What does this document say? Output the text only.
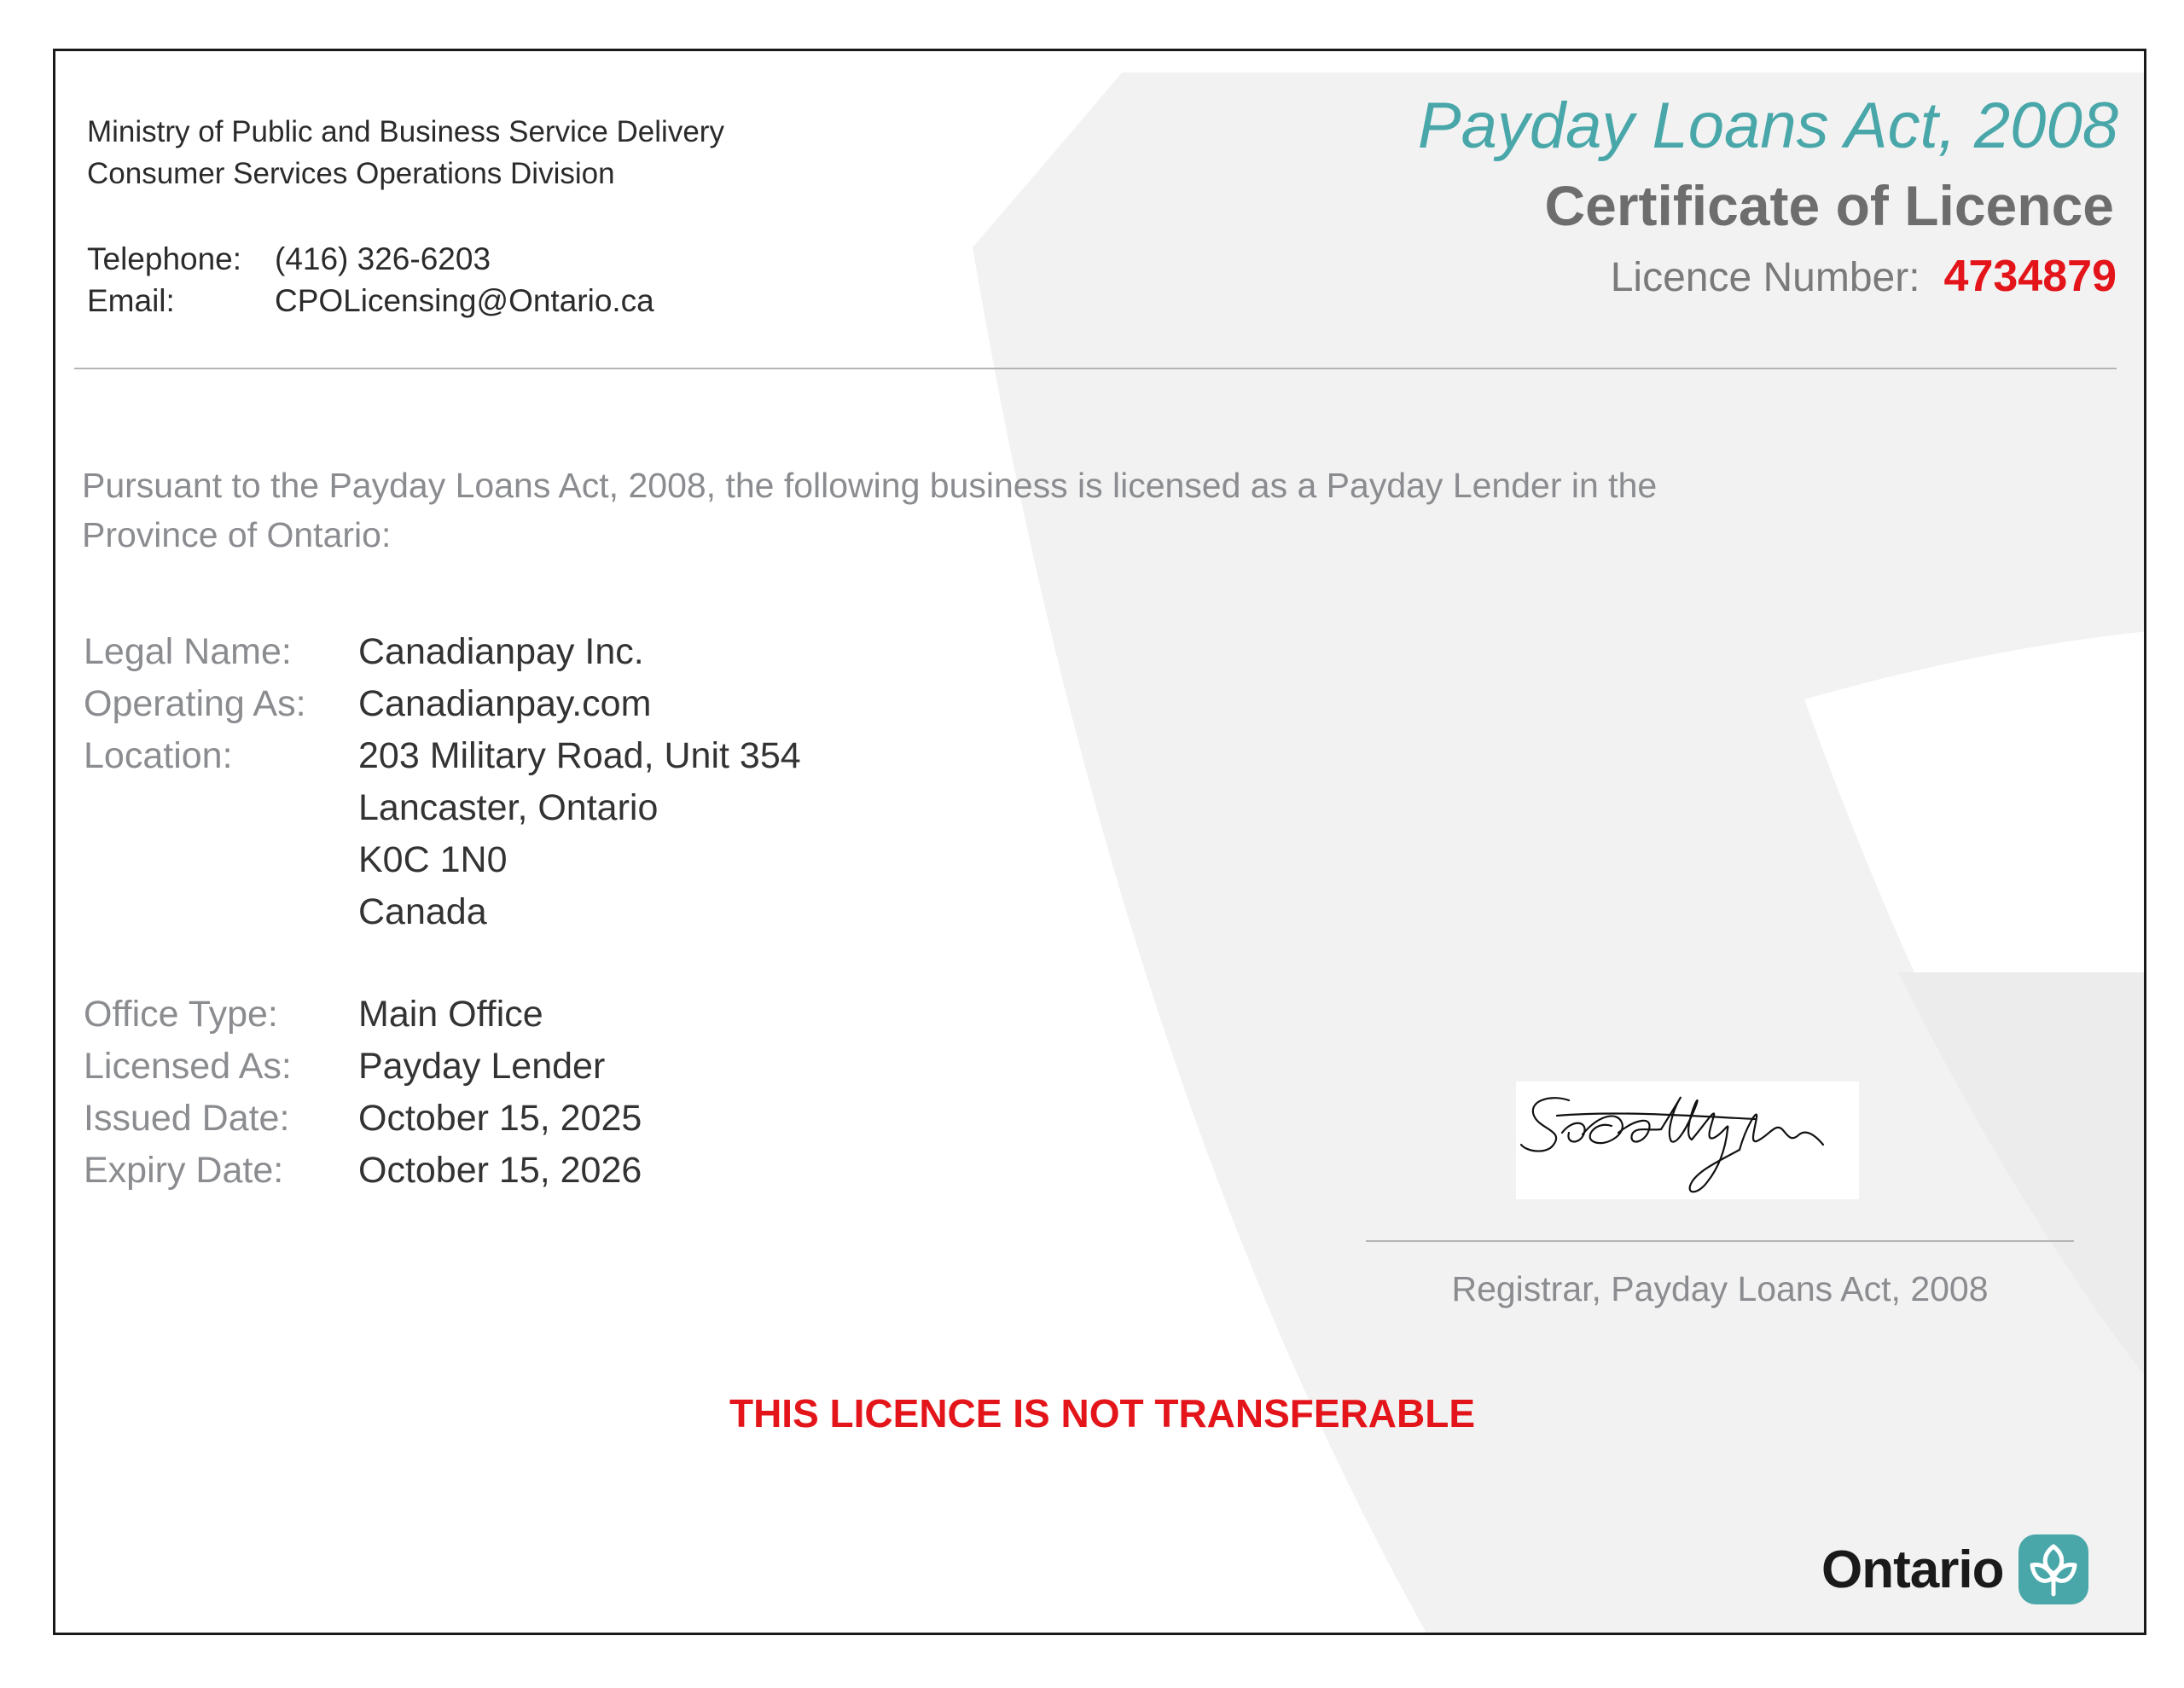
Ministry of Public and Business Service Delivery
Consumer Services Operations Division
Telephone: (416) 326-6203
Email:	CPOLicensing@Ontario.ca
Payday Loans Act, 2008
Certificate of Licence
Licence Number: 4734879
Pursuant to the Payday Loans Act, 2008, the following business is licensed as a Payday Lender in the Province of Ontario:
Legal Name: Canadianpay Inc.
Operating As: Canadianpay.com
Location:	203 Military Road, Unit 354
Lancaster, Ontario
K0C 1N0
Canada
Office Type: Main Office
Licensed As: Payday Lender
Issued Date: October 15, 2025
Expiry Date: October 15, 2026
Registrar, Payday Loans Act, 2008
THIS LICENCE IS NOT TRANSFERABLE
Ontario
